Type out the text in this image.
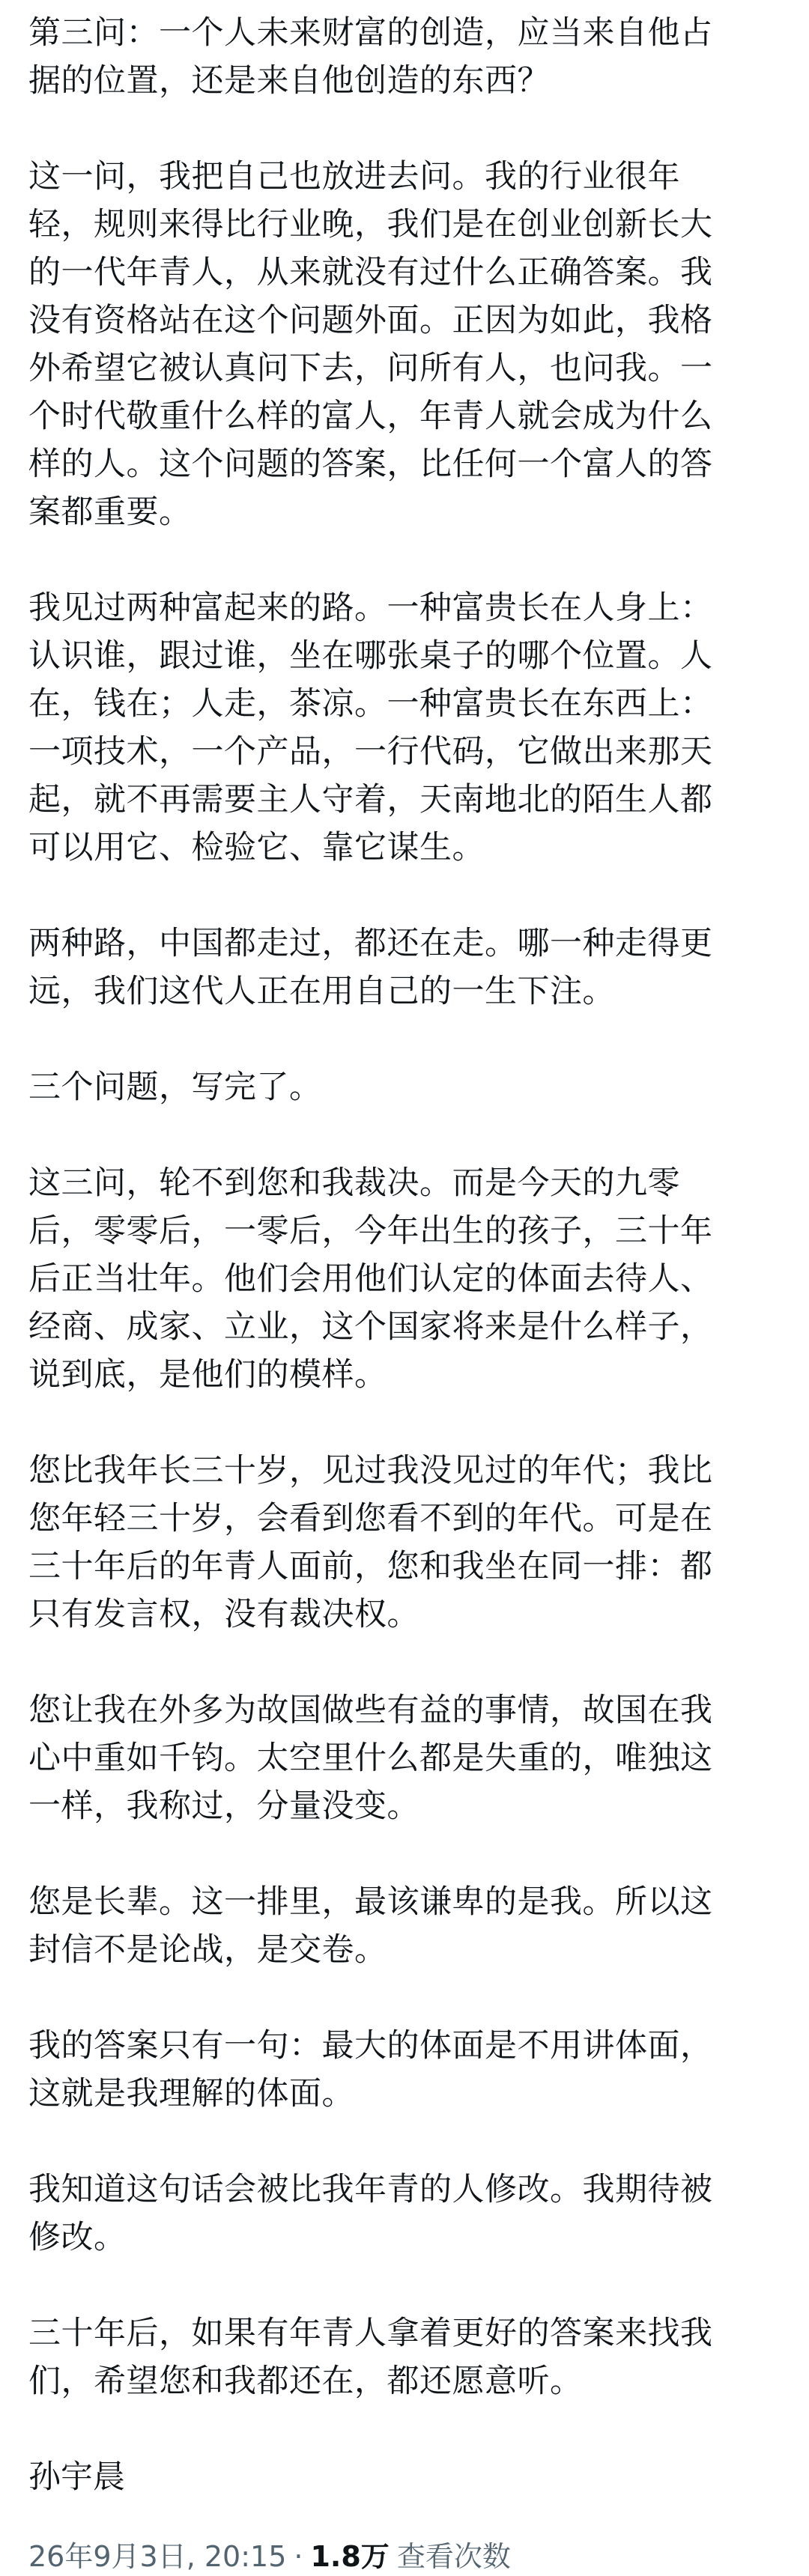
第三问：一个人未来财富的创造，应当来自他占
据的位置，还是来自他创造的东西？

这一问，我把自己也放进去问。我的行业很年
轻，规则来得比行业晚，我们是在创业创新长大
的一代年青人，从来就没有过什么正确答案。我
没有资格站在这个问题外面。正因为如此，我格
外希望它被认真问下去，问所有人，也问我。一
个时代敬重什么样的富人，年青人就会成为什么
样的人。这个问题的答案，比任何一个富人的答
案都重要。

我见过两种富起来的路。一种富贵长在人身上：
认识谁，跟过谁，坐在哪张桌子的哪个位置。人
在，钱在；人走，茶凉。一种富贵长在东西上：
一项技术，一个产品，一行代码，它做出来那天
起，就不再需要主人守着，天南地北的陌生人都
可以用它、检验它、靠它谋生。

两种路，中国都走过，都还在走。哪一种走得更
远，我们这代人正在用自己的一生下注。

三个问题，写完了。

这三问，轮不到您和我裁决。而是今天的九零
后，零零后，一零后，今年出生的孩子，三十年
后正当壮年。他们会用他们认定的体面去待人、
经商、成家、立业，这个国家将来是什么样子，
说到底，是他们的模样。

您比我年长三十岁，见过我没见过的年代；我比
您年轻三十岁，会看到您看不到的年代。可是在
三十年后的年青人面前，您和我坐在同一排：都
只有发言权，没有裁决权。

您让我在外多为故国做些有益的事情，故国在我
心中重如千钧。太空里什么都是失重的，唯独这
一样，我称过，分量没变。

您是长辈。这一排里，最该谦卑的是我。所以这
封信不是论战，是交卷。

我的答案只有一句：最大的体面是不用讲体面，
这就是我理解的体面。

我知道这句话会被比我年青的人修改。我期待被
修改。

三十年后，如果有年青人拿着更好的答案来找我
们，希望您和我都还在，都还愿意听。

孙宇晨
26年9月3日, 20:15 · 1.8万 查看次数
